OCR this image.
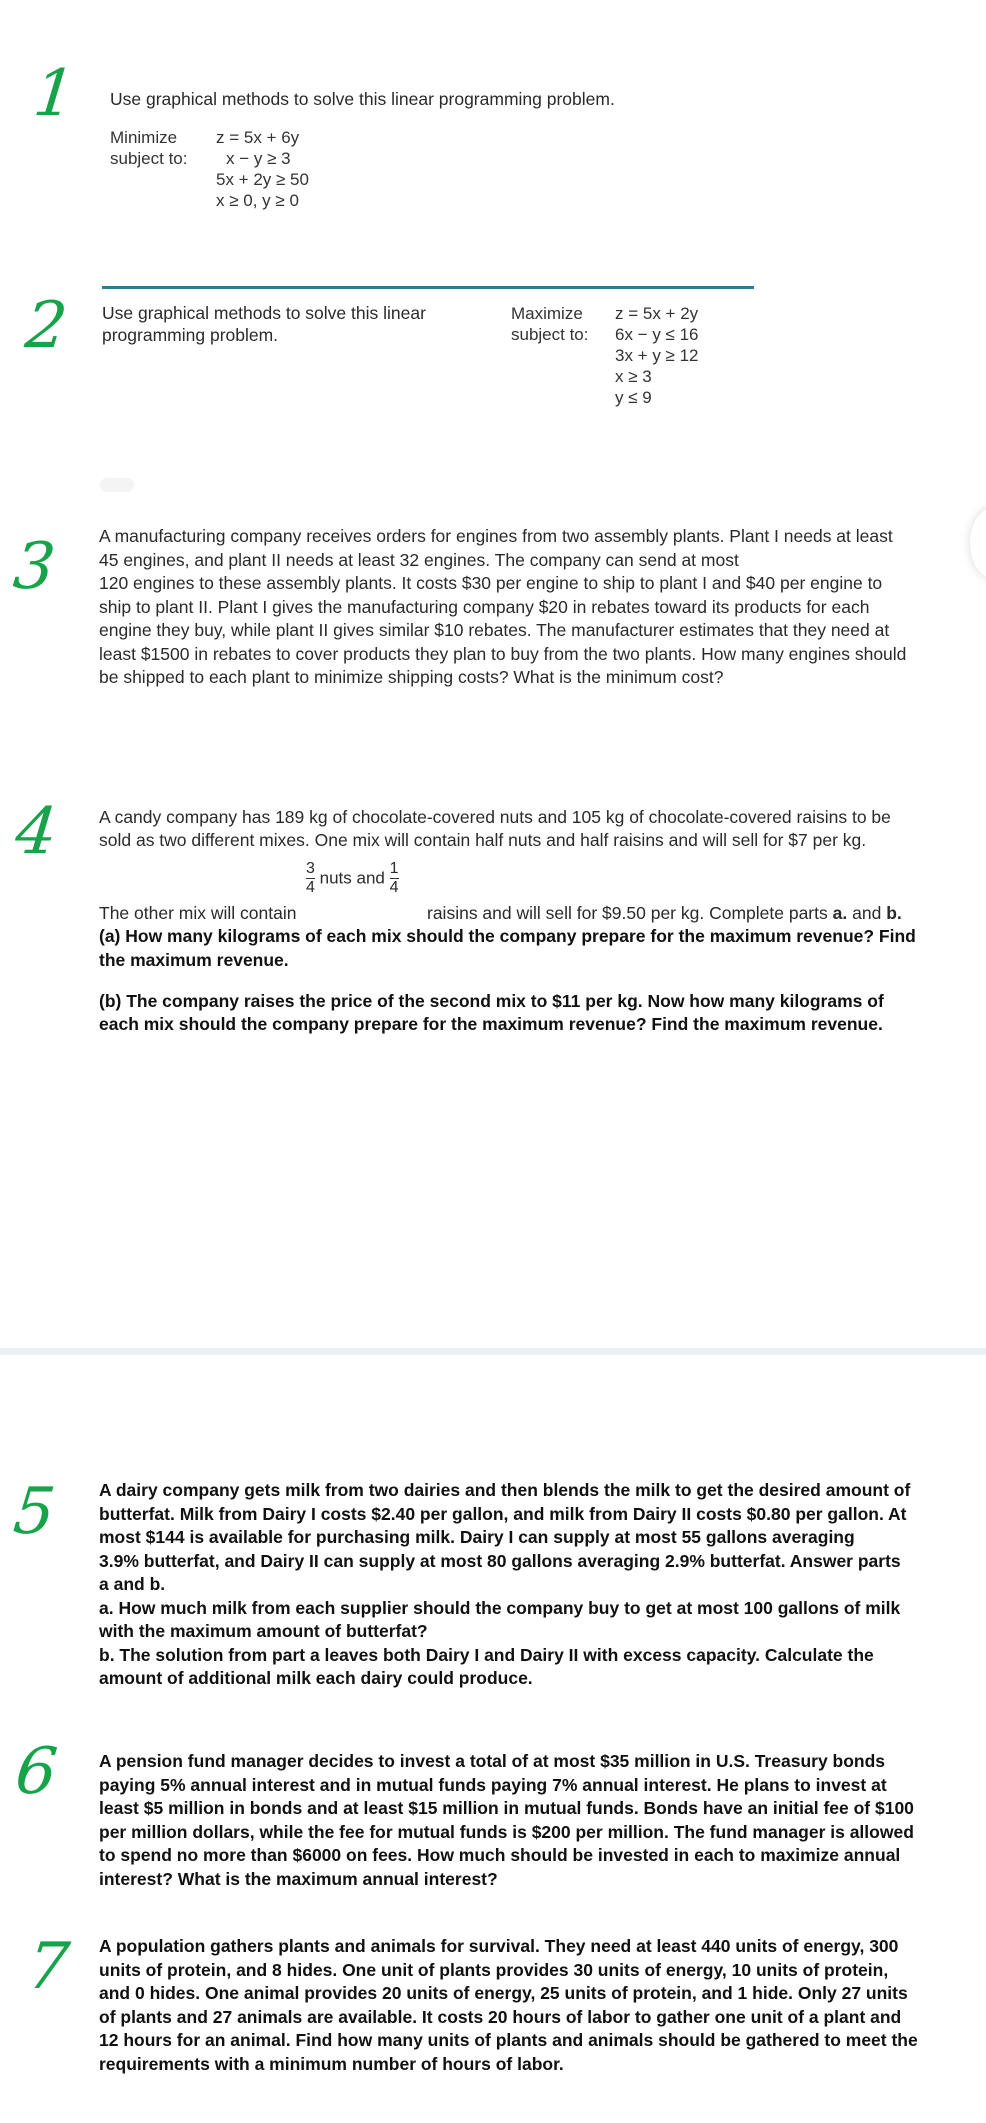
1
2
3
4
5
6
7

Use graphical methods to solve this linear programming problem.

Minimize
subject to:
z = 5x + 6y
x − y ≥ 3
5x + 2y ≥ 50
x ≥ 0, y ≥ 0

Use graphical methods to solve this linear

programming problem.

Maximize
subject to:
z = 5x + 2y
6x − y ≤ 16
3x + y ≥ 12
x ≥ 3
y ≤ 9

A manufacturing company receives orders for engines from two assembly plants. Plant I needs at least

45 engines, and plant II needs at least 32 engines. The company can send at most

120 engines to these assembly plants. It costs $30 per engine to ship to plant I and $40 per engine to

ship to plant II. Plant I gives the manufacturing company $20 in rebates toward its products for each

engine they buy, while plant II gives similar $10 rebates. The manufacturer estimates that they need at

least $1500 in rebates to cover products they plan to buy from the two plants. How many engines should

be shipped to each plant to minimize shipping costs? What is the minimum cost?

A candy company has 189 kg of chocolate-covered nuts and 105 kg of chocolate-covered raisins to be

sold as two different mixes. One mix will contain half nuts and half raisins and will sell for $7 per kg.

$\frac{3}{4}$ nuts and $\frac{1}{4}$

The other mix will contain	raisins and will sell for $9.50 per kg. Complete parts a. and b.

(a) How many kilograms of each mix should the company prepare for the maximum revenue? Find

the maximum revenue.

(b) The company raises the price of the second mix to $11 per kg. Now how many kilograms of

each mix should the company prepare for the maximum revenue? Find the maximum revenue.

A dairy company gets milk from two dairies and then blends the milk to get the desired amount of

butterfat. Milk from Dairy I costs $2.40 per gallon, and milk from Dairy II costs $0.80 per gallon. At

most $144 is available for purchasing milk. Dairy I can supply at most 55 gallons averaging

3.9% butterfat, and Dairy II can supply at most 80 gallons averaging 2.9% butterfat. Answer parts

a and b.

a. How much milk from each supplier should the company buy to get at most 100 gallons of milk

with the maximum amount of butterfat?

b. The solution from part a leaves both Dairy I and Dairy II with excess capacity. Calculate the

amount of additional milk each dairy could produce.

A pension fund manager decides to invest a total of at most $35 million in U.S. Treasury bonds

paying 5% annual interest and in mutual funds paying 7% annual interest. He plans to invest at

least $5 million in bonds and at least $15 million in mutual funds. Bonds have an initial fee of $100

per million dollars, while the fee for mutual funds is $200 per million. The fund manager is allowed

to spend no more than $6000 on fees. How much should be invested in each to maximize annual

interest? What is the maximum annual interest?

A population gathers plants and animals for survival. They need at least 440 units of energy, 300

units of protein, and 8 hides. One unit of plants provides 30 units of energy, 10 units of protein,

and 0 hides. One animal provides 20 units of energy, 25 units of protein, and 1 hide. Only 27 units

of plants and 27 animals are available. It costs 20 hours of labor to gather one unit of a plant and

12 hours for an animal. Find how many units of plants and animals should be gathered to meet the

requirements with a minimum number of hours of labor.
